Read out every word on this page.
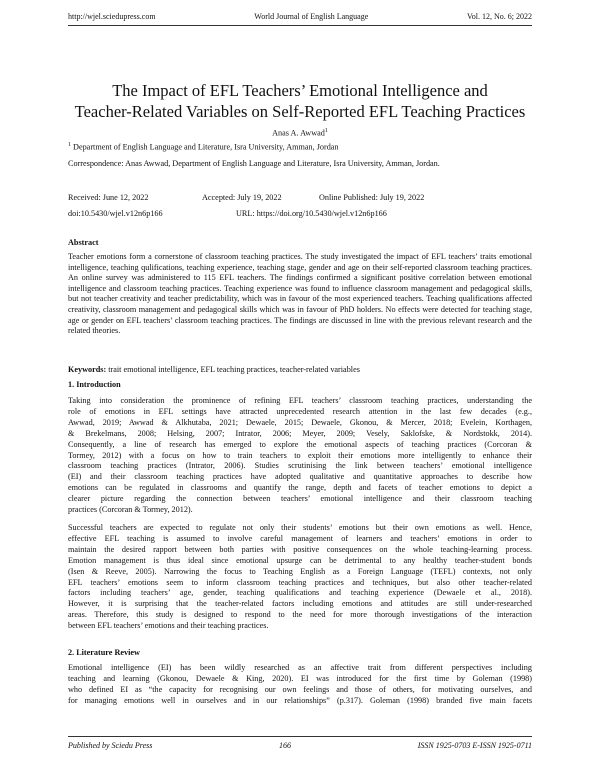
http://wjel.sciedupress.com	World Journal of English Language	Vol. 12, No. 6; 2022
The Impact of EFL Teachers’ Emotional Intelligence and
Teacher-Related Variables on Self-Reported EFL Teaching Practices
Anas A. Awwad$^1$
$^1$ Department of English Language and Literature, Isra University, Amman, Jordan
Correspondence: Anas Awwad, Department of English Language and Literature, Isra University, Amman, Jordan.
Received: June 12, 2022	Accepted: July 19, 2022	Online Published: July 19, 2022
doi:10.5430/wjel.v12n6p166	URL: https://doi.org/10.5430/wjel.v12n6p166
Abstract
Teacher emotions form a cornerstone of classroom teaching practices. The study investigated the impact of EFL teachers’ traits emotional intelligence, teaching qulifications, teaching experience, teaching stage, gender and age on their self-reported classroom teaching practices. An online survey was administered to 115 EFL teachers. The findings confirmed a significant positive correlation between emotional intelligence and classroom teaching practices. Teaching experience was found to influence classroom management and pedagogical skills, but not teacher creativity and teacher predictability, which was in favour of the most experienced teachers. Teaching qualifications affected creativity, classroom management and pedagogical skills which was in favour of PhD holders. No effects were detected for teaching stage, age or gender on EFL teachers’ classroom teaching practices. The findings are discussed in line with the previous relevant research and the related theories.
Keywords: trait emotional intelligence, EFL teaching practices, teacher-related variables
1. Introduction
Taking into consideration the prominence of refining EFL teachers’ classroom teaching practices, understanding the
role of emotions in EFL settings have attracted unprecedented research attention in the last few decades (e.g.,
Awwad, 2019; Awwad & Alkhutaba, 2021; Dewaele, 2015; Dewaele, Gkonou, & Mercer, 2018; Evelein, Korthagen,
& Brekelmans, 2008; Helsing, 2007; Intrator, 2006; Meyer, 2009; Vesely, Saklofske, & Nordstokk, 2014).
Consequently, a line of research has emerged to explore the emotional aspects of teaching practices (Corcoran &
Tormey, 2012) with a focus on how to train teachers to exploit their emotions more intelligently to enhance their
classroom teaching practices (Intrator, 2006). Studies scrutinising the link between teachers’ emotional intelligence
(EI) and their classroom teaching practices have adopted qualitative and quantitative approaches to describe how
emotions can be regulated in classrooms and quantify the range, depth and facets of teacher emotions to depict a
clearer picture regarding the connection between teachers’ emotional intelligence and their classroom teaching
practices (Corcoran & Tormey, 2012).
Successful teachers are expected to regulate not only their students’ emotions but their own emotions as well. Hence,
effective EFL teaching is assumed to involve careful management of learners and teachers’ emotions in order to
maintain the desired rapport between both parties with positive consequences on the whole teaching-learning process.
Emotion management is thus ideal since emotional upsurge can be detrimental to any healthy teacher-student bonds
(Isen & Reeve, 2005). Narrowing the focus to Teaching English as a Foreign Language (TEFL) contexts, not only
EFL teachers’ emotions seem to inform classroom teaching practices and techniques, but also other teacher-related
factors including teachers’ age, gender, teaching qualifications and teaching experience (Dewaele et al., 2018).
However, it is surprising that the teacher-related factors including emotions and attitudes are still under-researched
areas. Therefore, this study is designed to respond to the need for more thorough investigations of the interaction
between EFL teachers’ emotions and their teaching practices.
2. Literature Review
Emotional intelligence (EI) has been wildly researched as an affective trait from different perspectives including
teaching and learning (Gkonou, Dewaele & King, 2020). EI was introduced for the first time by Goleman (1998)
who defined EI as “the capacity for recognising our own feelings and those of others, for motivating ourselves, and
for managing emotions well in ourselves and in our relationships” (p.317). Goleman (1998) branded five main facets
Published by Sciedu Press	166	ISSN 1925-0703 E-ISSN 1925-0711
